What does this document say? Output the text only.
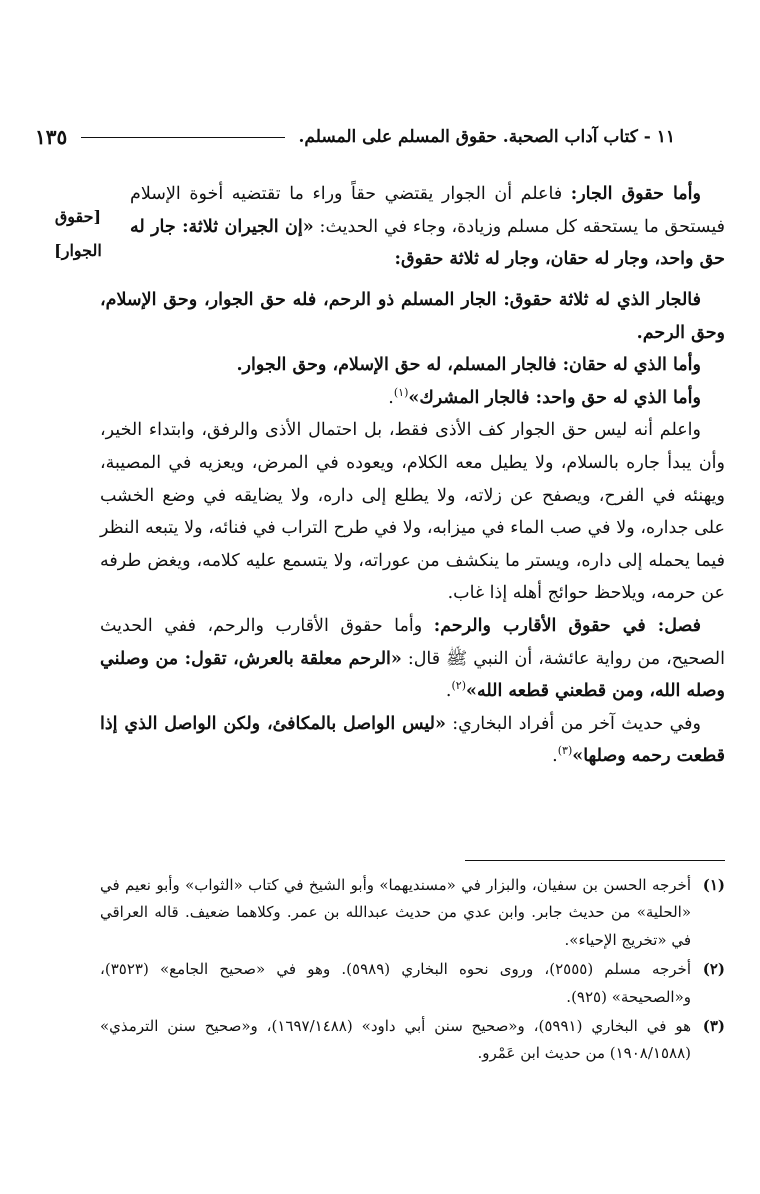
١١ - كتاب آداب الصحبة. حقوق المسلم على المسلم.
١٣٥
[حقوق الجوار]

وأما حقوق الجار: فاعلم أن الجوار يقتضي حقاً وراء ما تقتضيه أخوة الإسلام فيستحق ما يستحقه كل مسلم وزيادة، وجاء في الحديث: «إن الجيران ثلاثة: جار له حق واحد، وجار له حقان، وجار له ثلاثة حقوق:

فالجار الذي له ثلاثة حقوق: الجار المسلم ذو الرحم، فله حق الجوار، وحق الإسلام، وحق الرحم.

وأما الذي له حقان: فالجار المسلم، له حق الإسلام، وحق الجوار.

وأما الذي له حق واحد: فالجار المشرك»$^{(١)}$.

واعلم أنه ليس حق الجوار كف الأذى فقط، بل احتمال الأذى والرفق، وابتداء الخير، وأن يبدأ جاره بالسلام، ولا يطيل معه الكلام، ويعوده في المرض، ويعزيه في المصيبة، ويهنئه في الفرح، ويصفح عن زلاته، ولا يطلع إلى داره، ولا يضايقه في وضع الخشب على جداره، ولا في صب الماء في ميزابه، ولا في طرح التراب في فنائه، ولا يتبعه النظر فيما يحمله إلى داره، ويستر ما ينكشف من عوراته، ولا يتسمع عليه كلامه، ويغض طرفه عن حرمه، ويلاحظ حوائج أهله إذا غاب.

فصل: في حقوق الأقارب والرحم: وأما حقوق الأقارب والرحم، ففي الحديث الصحيح، من رواية عائشة، أن النبي ﷺ قال: «الرحم معلقة بالعرش، تقول: من وصلني وصله الله، ومن قطعني قطعه الله»$^{(٢)}$.

وفي حديث آخر من أفراد البخاري: «ليس الواصل بالمكافئ، ولكن الواصل الذي إذا قطعت رحمه وصلها»$^{(٣)}$.

(١)
أخرجه الحسن بن سفيان، والبزار في «مسنديهما» وأبو الشيخ في كتاب «الثواب» وأبو نعيم في «الحلية» من حديث جابر. وابن عدي من حديث عبدالله بن عمر. وكلاهما ضعيف. قاله العراقي في «تخريج الإحياء».
(٢)
أخرجه مسلم (٢٥٥٥)، وروى نحوه البخاري (٥٩٨٩). وهو في «صحيح الجامع» (٣٥٢٣)، و«الصحيحة» (٩٢٥).
(٣)
هو في البخاري (٥٩٩١)، و«صحيح سنن أبي داود» (١٦٩٧/١٤٨٨)، و«صحيح سنن الترمذي» (١٩٠٨/١٥٨٨) من حديث ابن عَمْرو.
